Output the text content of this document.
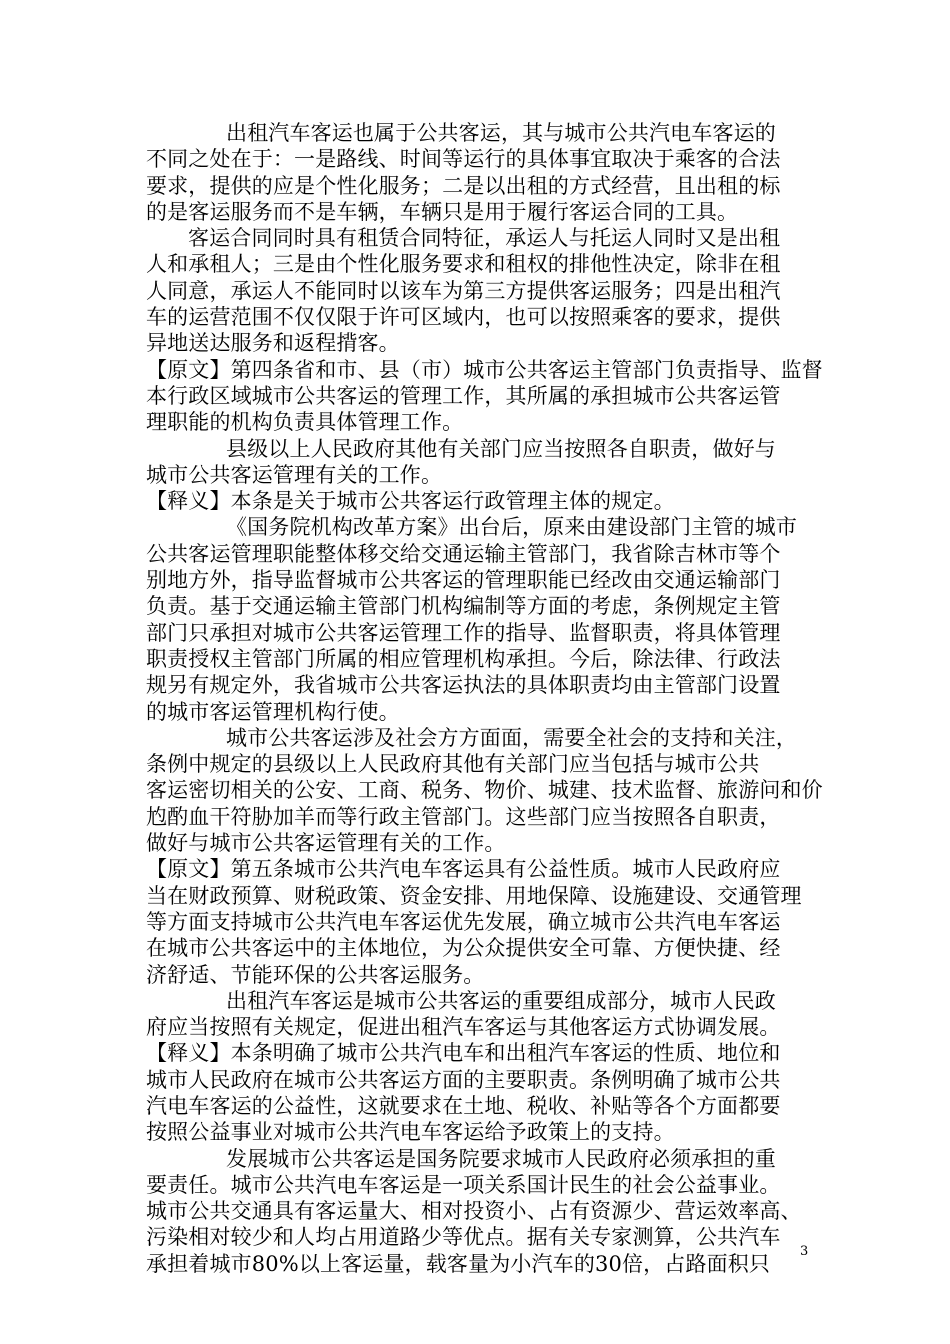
出租汽车客运也属于公共客运，其与城市公共汽电车客运的
不同之处在于：一是路线、时间等运行的具体事宜取决于乘客的合法
要求，提供的应是个性化服务；二是以出租的方式经营，且出租的标
的是客运服务而不是车辆，车辆只是用于履行客运合同的工具。
客运合同同时具有租赁合同特征，承运人与托运人同时又是出租
人和承租人；三是由个性化服务要求和租权的排他性决定，除非在租
人同意，承运人不能同时以该车为第三方提供客运服务；四是出租汽
车的运营范围不仅仅限于许可区域内，也可以按照乘客的要求，提供
异地送达服务和返程揹客。
【原文】第四条省和市、县（市）城市公共客运主管部门负责指导、监督
本行政区域城市公共客运的管理工作，其所属的承担城市公共客运管
理职能的机构负责具体管理工作。
县级以上人民政府其他有关部门应当按照各自职责，做好与
城市公共客运管理有关的工作。
【释义】本条是关于城市公共客运行政管理主体的规定。
《国务院机构改革方案》出台后，原来由建设部门主管的城市
公共客运管理职能整体移交给交通运输主管部门，我省除吉林市等个
别地方外，指导监督城市公共客运的管理职能已经改由交通运输部门
负责。基于交通运输主管部门机构编制等方面的考虑，条例规定主管
部门只承担对城市公共客运管理工作的指导、监督职责，将具体管理
职责授权主管部门所属的相应管理机构承担。今后，除法律、行政法
规另有规定外，我省城市公共客运执法的具体职责均由主管部门设置
的城市客运管理机构行使。
城市公共客运涉及社会方方面面，需要全社会的支持和关注，
条例中规定的县级以上人民政府其他有关部门应当包括与城市公共
客运密切相关的公安、工商、税务、物价、城建、技术监督、旅游问和价
尥酌血干符胁加羊而等行政主管部门。这些部门应当按照各自职责，
做好与城市公共客运管理有关的工作。
【原文】第五条城市公共汽电车客运具有公益性质。城市人民政府应
当在财政预算、财税政策、资金安排、用地保障、设施建设、交通管理
等方面支持城市公共汽电车客运优先发展，确立城市公共汽电车客运
在城市公共客运中的主体地位，为公众提供安全可靠、方便快捷、经
济舒适、节能环保的公共客运服务。
出租汽车客运是城市公共客运的重要组成部分，城市人民政
府应当按照有关规定，促进出租汽车客运与其他客运方式协调发展。
【释义】本条明确了城市公共汽电车和出租汽车客运的性质、地位和
城市人民政府在城市公共客运方面的主要职责。条例明确了城市公共
汽电车客运的公益性，这就要求在土地、税收、补贴等各个方面都要
按照公益事业对城市公共汽电车客运给予政策上的支持。
发展城市公共客运是国务院要求城市人民政府必须承担的重
要责任。城市公共汽电车客运是一项关系国计民生的社会公益事业。
城市公共交通具有客运量大、相对投资小、占有资源少、营运效率高、
污染相对较少和人均占用道路少等优点。据有关专家测算，公共汽车
承担着城市80%以上客运量，载客量为小汽车的30倍，占路面积只
3
